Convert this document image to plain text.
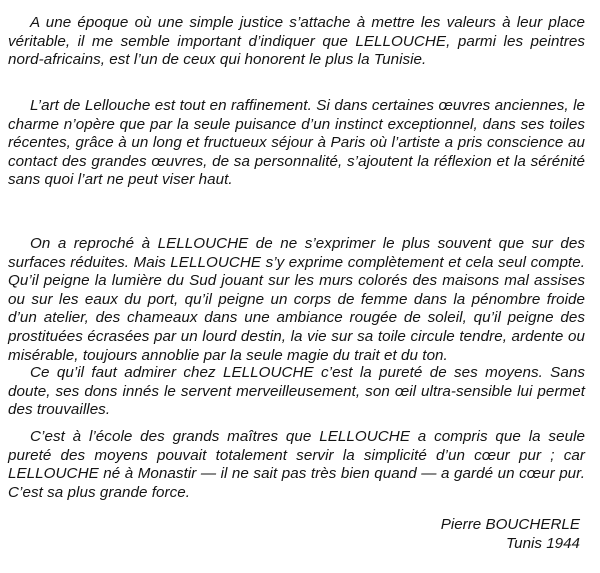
A une époque où une simple justice s’attache à mettre les valeurs à leur place véritable, il me semble important d’indiquer que LELLOUCHE, parmi les peintres nord-africains, est l’un de ceux qui honorent le plus la Tunisie.

L’art de Lellouche est tout en raffinement. Si dans certaines œuvres anciennes, le charme n’opère que par la seule puisance d’un instinct exceptionnel, dans ses toiles récentes, grâce à un long et fructueux séjour à Paris où l’artiste a pris conscience au contact des grandes œuvres, de sa personnalité, s’ajoutent la réflexion et la sérénité sans quoi l’art ne peut viser haut.

On a reproché à LELLOUCHE de ne s’exprimer le plus souvent que sur des surfaces réduites. Mais LELLOUCHE s’y exprime complètement et cela seul compte. Qu’il peigne la lumière du Sud jouant sur les murs colorés des maisons mal assises ou sur les eaux du port, qu’il peigne un corps de femme dans la pénombre froide d’un atelier, des chameaux dans une ambiance rougée de soleil, qu’il peigne des prostituées écrasées par un lourd destin, la vie sur sa toile circule tendre, ardente ou misérable, toujours annoblie par la seule magie du trait et du ton.

Ce qu’il faut admirer chez LELLOUCHE c’est la pureté de ses moyens. Sans doute, ses dons innés le servent merveilleusement, son œil ultra-sensible lui permet des trouvailles.

C’est à l’école des grands maîtres que LELLOUCHE a compris que la seule pureté des moyens pouvait totalement servir la simplicité d’un cœur pur ; car LELLOUCHE né à Monastir — il ne sait pas très bien quand — a gardé un cœur pur. C’est sa plus grande force.

Pierre BOUCHERLE
Tunis 1944
